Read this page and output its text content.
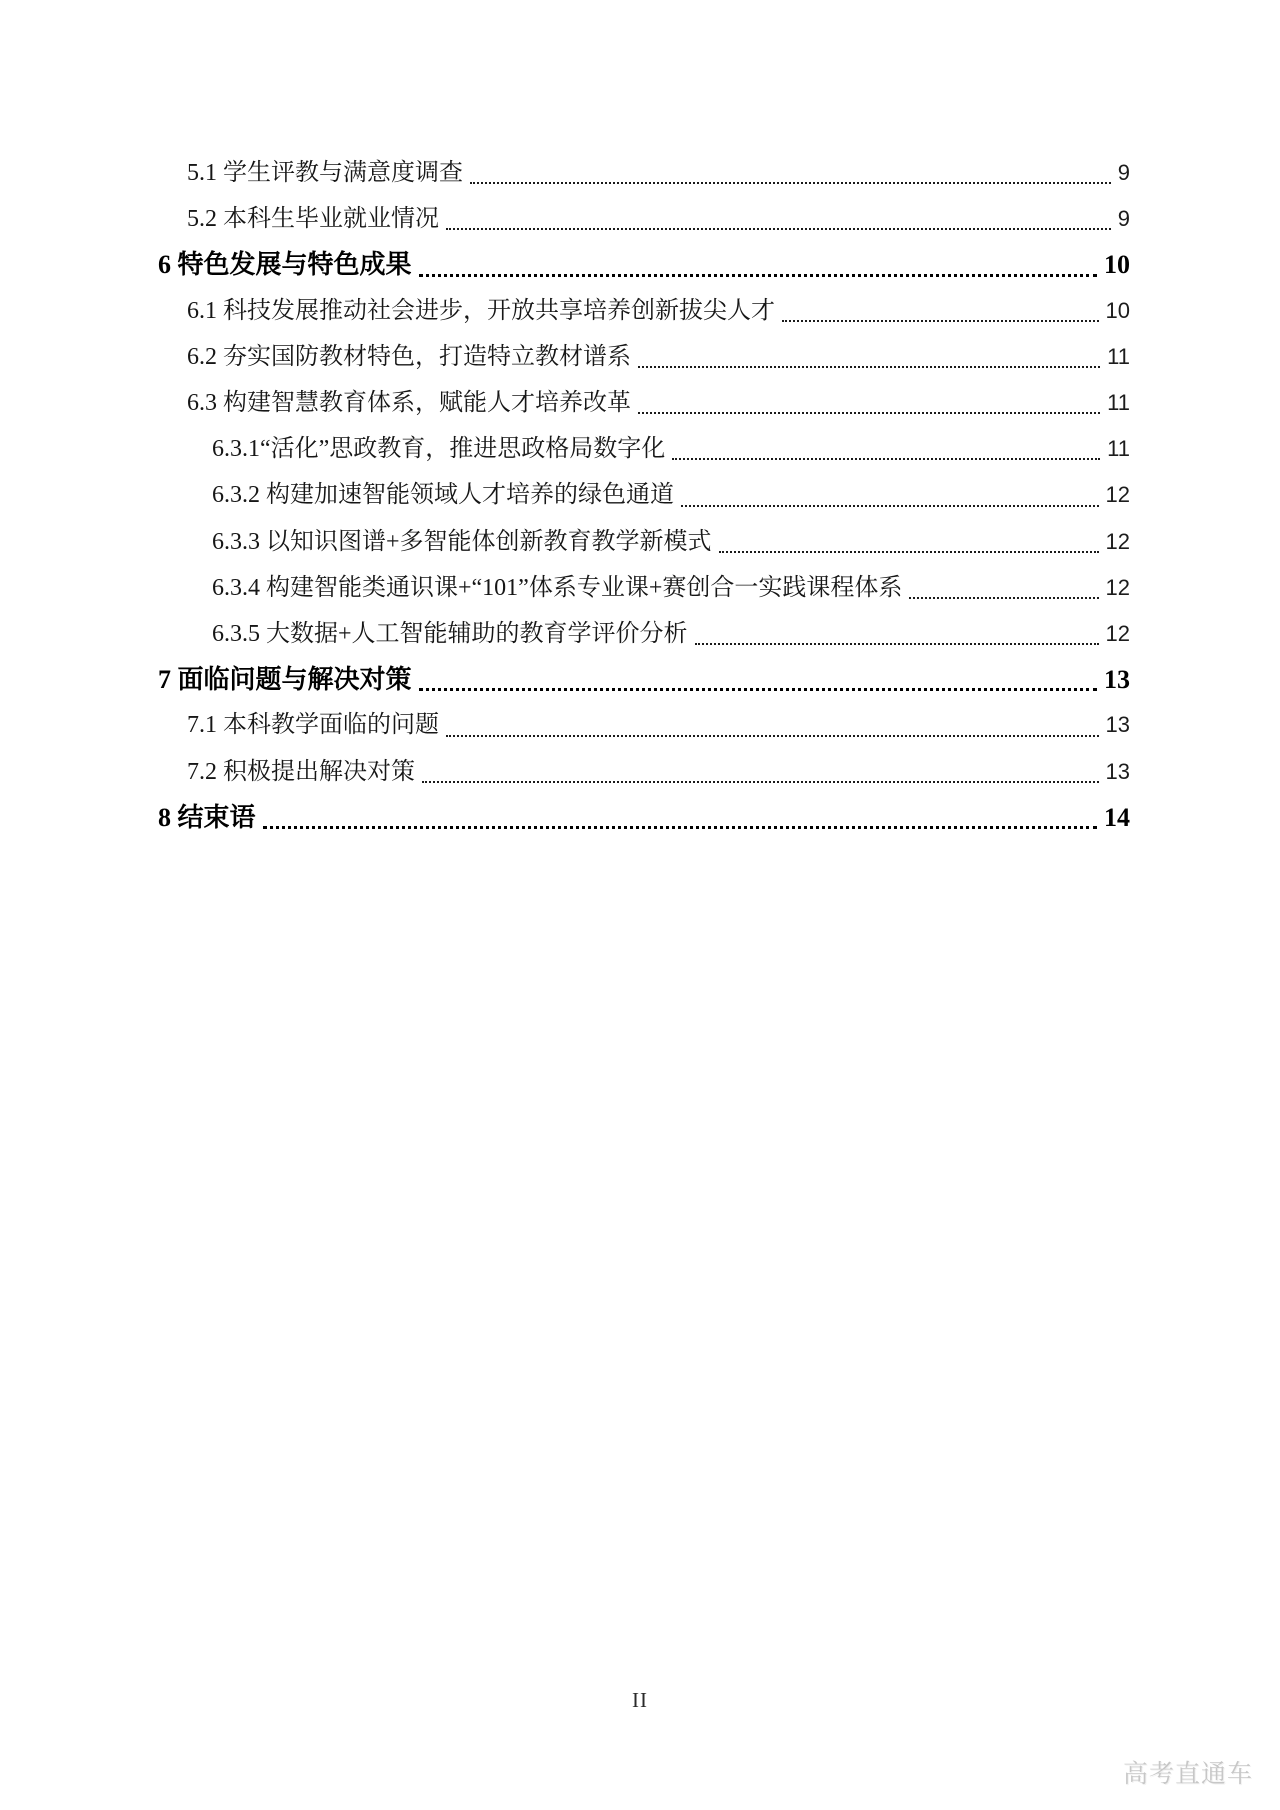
5.1 学生评教与满意度调查	9
5.2 本科生毕业就业情况	9
6 特色发展与特色成果	10
6.1 科技发展推动社会进步，开放共享培养创新拔尖人才	10
6.2 夯实国防教材特色，打造特立教材谱系	11
6.3 构建智慧教育体系，赋能人才培养改革	11
6.3.1“活化”思政教育，推进思政格局数字化	11
6.3.2 构建加速智能领域人才培养的绿色通道	12
6.3.3 以知识图谱+多智能体创新教育教学新模式	12
6.3.4 构建智能类通识课+“101”体系专业课+赛创合一实践课程体系	12
6.3.5 大数据+人工智能辅助的教育学评价分析	12
7 面临问题与解决对策	13
7.1 本科教学面临的问题	13
7.2 积极提出解决对策	13
8 结束语	14
II
高考直通车
